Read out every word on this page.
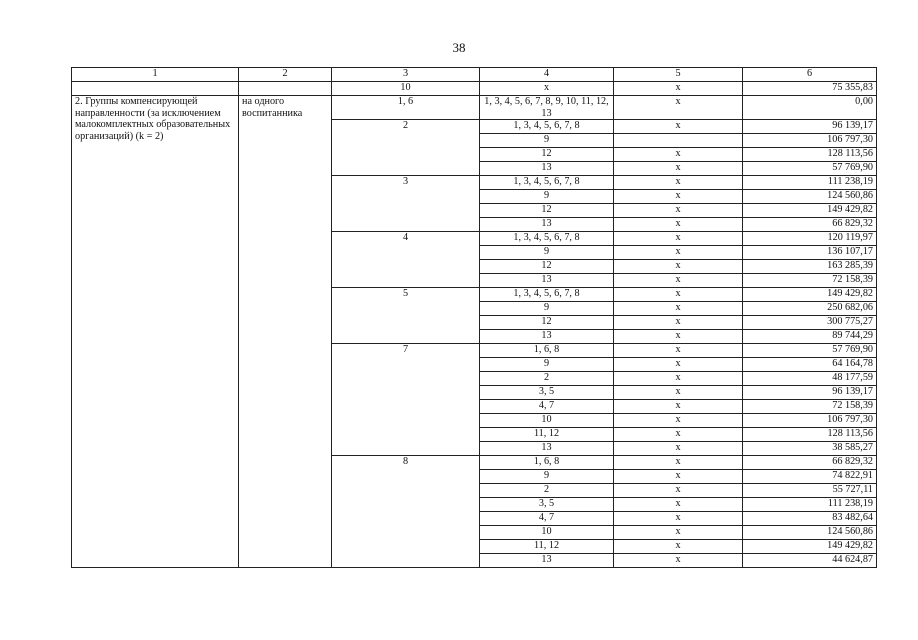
38
1	2	3	4	5	6
		10	х	х	75 355,83
2. Группы компенсирующей направленности (за исключением малокомплектных образовательных организаций) (k = 2)	на одного воспитанника	1, 6	1, 3, 4, 5, 6, 7, 8, 9, 10, 11, 12, 13	х	0,00
		2	1, 3, 4, 5, 6, 7, 8	х	96 139,17
			9		106 797,30
			12	х	128 113,56
			13	х	57 769,90
		3	1, 3, 4, 5, 6, 7, 8	х	111 238,19
			9	х	124 560,86
			12	х	149 429,82
			13	х	66 829,32
		4	1, 3, 4, 5, 6, 7, 8	х	120 119,97
			9	х	136 107,17
			12	х	163 285,39
			13	х	72 158,39
		5	1, 3, 4, 5, 6, 7, 8	х	149 429,82
			9	х	250 682,06
			12	х	300 775,27
			13	х	89 744,29
		7	1, 6, 8	х	57 769,90
			9	х	64 164,78
			2	х	48 177,59
			3, 5	х	96 139,17
			4, 7	х	72 158,39
			10	х	106 797,30
			11, 12	х	128 113,56
			13	х	38 585,27
		8	1, 6, 8	х	66 829,32
			9	х	74 822,91
			2	х	55 727,11
			3, 5	х	111 238,19
			4, 7	х	83 482,64
			10	х	124 560,86
			11, 12	х	149 429,82
			13	х	44 624,87
